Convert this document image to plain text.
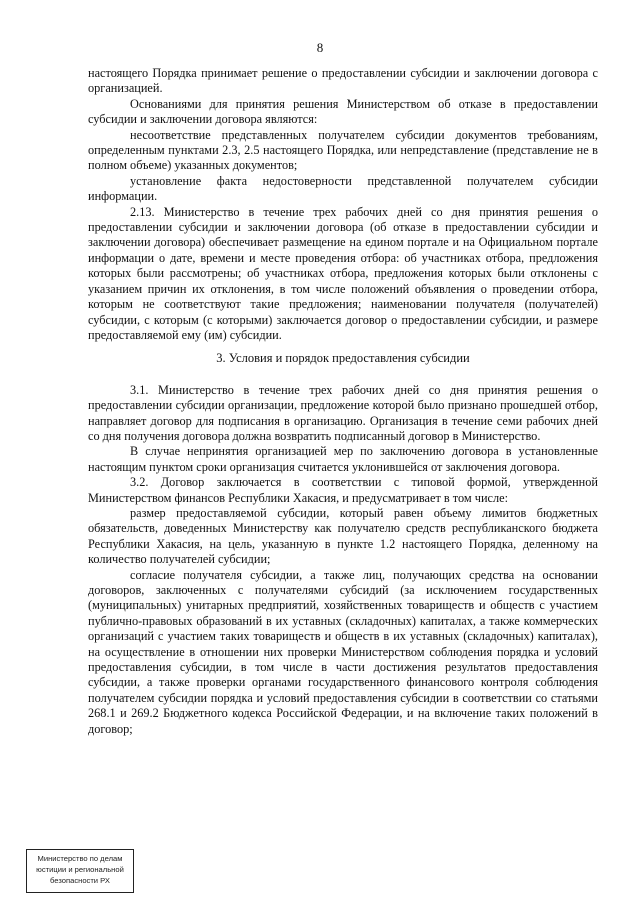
8

настоящего Порядка принимает решение о предоставлении субсидии и заключении договора с организацией.

Основаниями для принятия решения Министерством об отказе в предоставлении субсидии и заключении договора являются:

несоответствие представленных получателем субсидии документов требованиям, определенным пунктами 2.3, 2.5 настоящего Порядка, или непредставление (представление не в полном объеме) указанных документов;

установление факта недостоверности представленной получателем субсидии информации.

2.13. Министерство в течение трех рабочих дней со дня принятия решения о предоставлении субсидии и заключении договора (об отказе в предоставлении субсидии и заключении договора) обеспечивает размещение на едином портале и на Официальном портале информации о дате, времени и месте проведения отбора: об участниках отбора, предложения которых были рассмотрены; об участниках отбора, предложения которых были отклонены с указанием причин их отклонения, в том числе положений объявления о проведении отбора, которым не соответствуют такие предложения; наименовании получателя (получателей) субсидии, с которым (с которыми) заключается договор о предоставлении субсидии, и размере предоставляемой ему (им) субсидии.

3. Условия и порядок предоставления субсидии

3.1. Министерство в течение трех рабочих дней со дня принятия решения о предоставлении субсидии организации, предложение которой было признано прошедшей отбор, направляет договор для подписания в организацию. Организация в течение семи рабочих дней со дня получения договора должна возвратить подписанный договор в Министерство.

В случае непринятия организацией мер по заключению договора в установленные настоящим пунктом сроки организация считается уклонившейся от заключения договора.

3.2. Договор заключается в соответствии с типовой формой, утвержденной Министерством финансов Республики Хакасия, и предусматривает в том числе:

размер предоставляемой субсидии, который равен объему лимитов бюджетных обязательств, доведенных Министерству как получателю средств республиканского бюджета Республики Хакасия, на цель, указанную в пункте 1.2 настоящего Порядка, деленному на количество получателей субсидии;

согласие получателя субсидии, а также лиц, получающих средства на основании договоров, заключенных с получателями субсидий (за исключением государственных (муниципальных) унитарных предприятий, хозяйственных товариществ и обществ с участием публично-правовых образований в их уставных (складочных) капиталах, а также коммерческих организаций с участием таких товариществ и обществ в их уставных (складочных) капиталах), на осуществление в отношении них проверки Министерством соблюдения порядка и условий предоставления субсидии, в том числе в части достижения результатов предоставления субсидии, а также проверки органами государственного финансового контроля соблюдения получателем субсидии порядка и условий предоставления субсидии в соответствии со статьями 268.1 и 269.2 Бюджетного кодекса Российской Федерации, и на включение таких положений в договор;

Министерство по делам
юстиции и региональной
безопасности РХ
